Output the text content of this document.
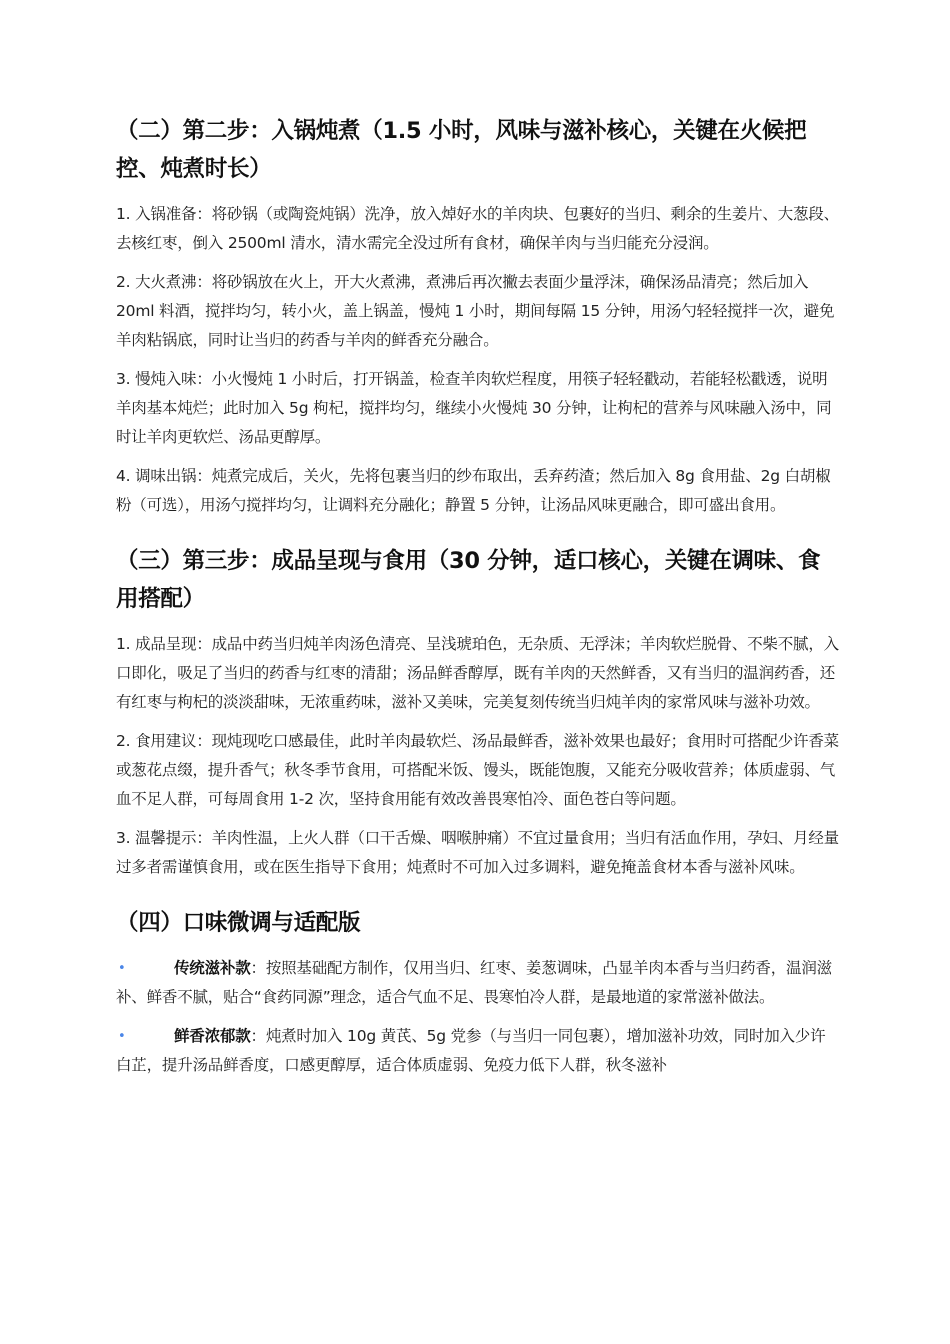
（二）第二步：入锅炖煮（1.5 小时，风味与滋补核心，关键在火候把控、炖煮时长）

1. 入锅准备：将砂锅（或陶瓷炖锅）洗净，放入焯好水的羊肉块、包裹好的当归、剩余的生姜片、大葱段、去核红枣，倒入 2500ml 清水，清水需完全没过所有食材，确保羊肉与当归能充分浸润。

2. 大火煮沸：将砂锅放在火上，开大火煮沸，煮沸后再次撇去表面少量浮沫，确保汤品清亮；然后加入 20ml 料酒，搅拌均匀，转小火，盖上锅盖，慢炖 1 小时，期间每隔 15 分钟，用汤勺轻轻搅拌一次，避免羊肉粘锅底，同时让当归的药香与羊肉的鲜香充分融合。

3. 慢炖入味：小火慢炖 1 小时后，打开锅盖，检查羊肉软烂程度，用筷子轻轻戳动，若能轻松戳透，说明羊肉基本炖烂；此时加入 5g 枸杞，搅拌均匀，继续小火慢炖 30 分钟，让枸杞的营养与风味融入汤中，同时让羊肉更软烂、汤品更醇厚。

4. 调味出锅：炖煮完成后，关火，先将包裹当归的纱布取出，丢弃药渣；然后加入 8g 食用盐、2g 白胡椒粉（可选），用汤勺搅拌均匀，让调料充分融化；静置 5 分钟，让汤品风味更融合，即可盛出食用。

（三）第三步：成品呈现与食用（30 分钟，适口核心，关键在调味、食用搭配）

1. 成品呈现：成品中药当归炖羊肉汤色清亮、呈浅琥珀色，无杂质、无浮沫；羊肉软烂脱骨、不柴不腻，入口即化，吸足了当归的药香与红枣的清甜；汤品鲜香醇厚，既有羊肉的天然鲜香，又有当归的温润药香，还有红枣与枸杞的淡淡甜味，无浓重药味，滋补又美味，完美复刻传统当归炖羊肉的家常风味与滋补功效。

2. 食用建议：现炖现吃口感最佳，此时羊肉最软烂、汤品最鲜香，滋补效果也最好；食用时可搭配少许香菜或葱花点缀，提升香气；秋冬季节食用，可搭配米饭、馒头，既能饱腹，又能充分吸收营养；体质虚弱、气血不足人群，可每周食用 1-2 次，坚持食用能有效改善畏寒怕冷、面色苍白等问题。

3. 温馨提示：羊肉性温，上火人群（口干舌燥、咽喉肿痛）不宜过量食用；当归有活血作用，孕妇、月经量过多者需谨慎食用，或在医生指导下食用；炖煮时不可加入过多调料，避免掩盖食材本香与滋补风味。

（四）口味微调与适配版
•	传统滋补款：按照基础配方制作，仅用当归、红枣、姜葱调味，凸显羊肉本香与当归药香，温润滋补、鲜香不腻，贴合“食药同源”理念，适合气血不足、畏寒怕冷人群，是最地道的家常滋补做法。
•	鲜香浓郁款：炖煮时加入 10g 黄芪、5g 党参（与当归一同包裹），增加滋补功效，同时加入少许白芷，提升汤品鲜香度，口感更醇厚，适合体质虚弱、免疫力低下人群，秋冬滋补
